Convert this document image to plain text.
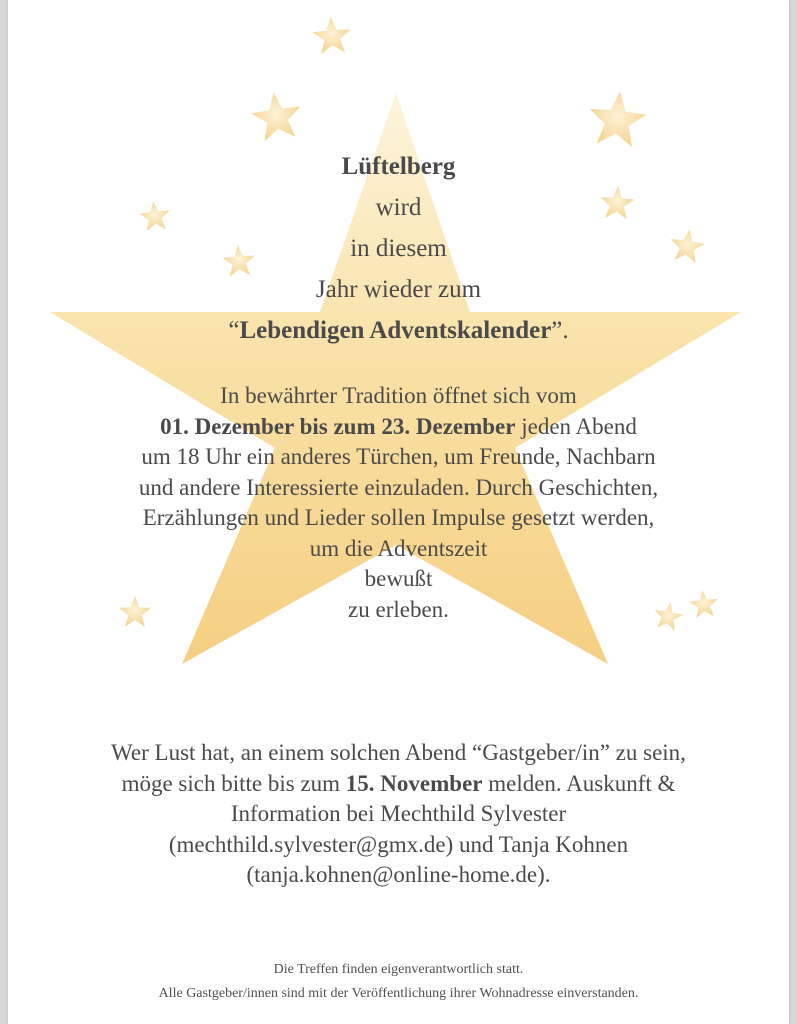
Lüftelberg
wird
in diesem
Jahr wieder zum
“Lebendigen Adventskalender”.
In bewährter Tradition öffnet sich vom
01. Dezember bis zum 23. Dezember jeden Abend
um 18 Uhr ein anderes Türchen, um Freunde, Nachbarn
und andere Interessierte einzuladen. Durch Geschichten,
Erzählungen und Lieder sollen Impulse gesetzt werden,
um die Adventszeit
bewußt
zu erleben.
Wer Lust hat, an einem solchen Abend “Gastgeber/in” zu sein,
möge sich bitte bis zum 15. November melden. Auskunft &
Information bei Mechthild Sylvester
(mechthild.sylvester@gmx.de) und Tanja Kohnen
(tanja.kohnen@online-home.de).
Die Treffen finden eigenverantwortlich statt.
Alle Gastgeber/innen sind mit der Veröffentlichung ihrer Wohnadresse einverstanden.
